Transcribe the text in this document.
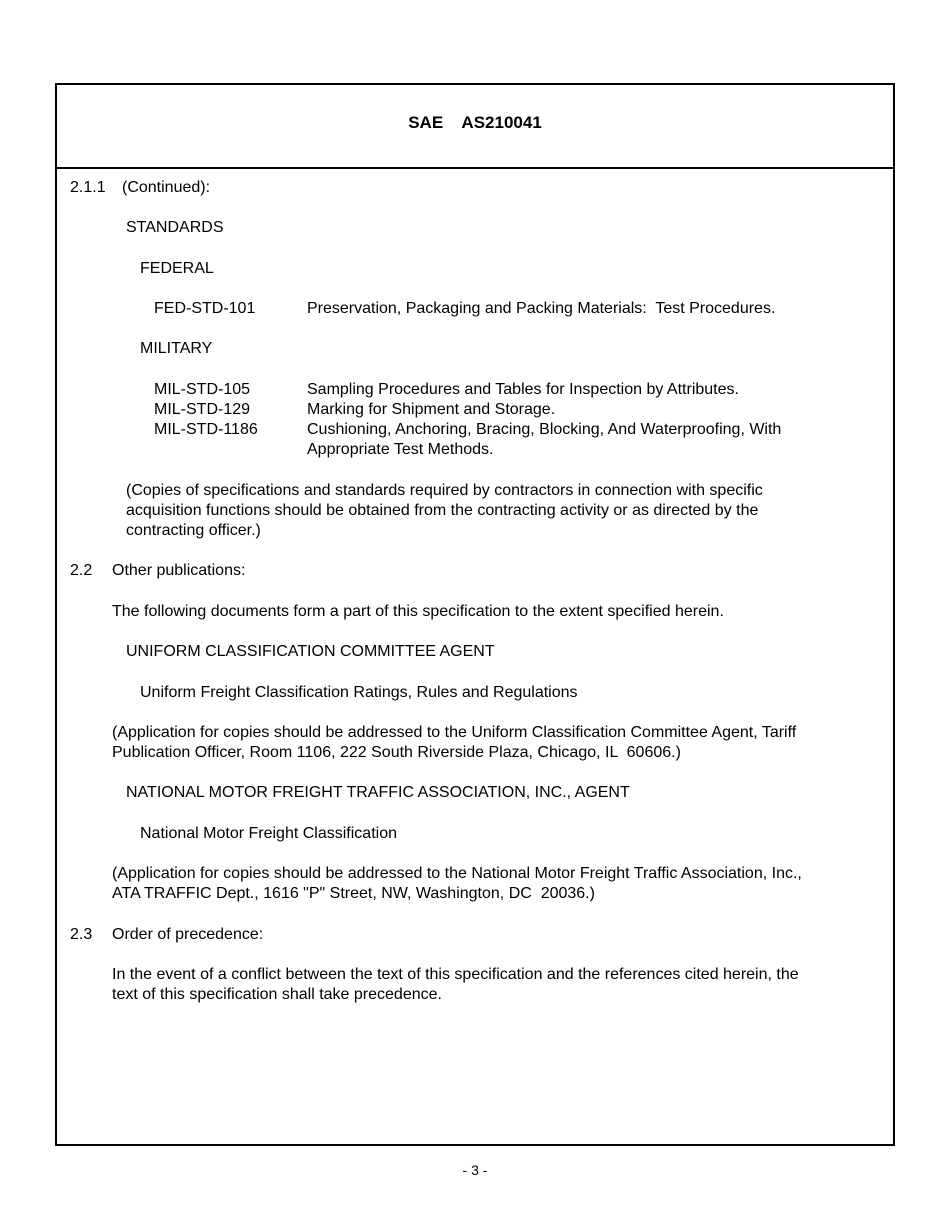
SAE    AS210041
2.1.1 (Continued):
STANDARDS
FEDERAL
FED-STD-101	Preservation, Packaging and Packing Materials:  Test Procedures.
MILITARY
MIL-STD-105	Sampling Procedures and Tables for Inspection by Attributes.
MIL-STD-129	Marking for Shipment and Storage.
MIL-STD-1186	Cushioning, Anchoring, Bracing, Blocking, And Waterproofing, With
Appropriate Test Methods.
(Copies of specifications and standards required by contractors in connection with specific
acquisition functions should be obtained from the contracting activity or as directed by the
contracting officer.)
2.2 Other publications:
The following documents form a part of this specification to the extent specified herein.
UNIFORM CLASSIFICATION COMMITTEE AGENT
Uniform Freight Classification Ratings, Rules and Regulations
(Application for copies should be addressed to the Uniform Classification Committee Agent, Tariff
Publication Officer, Room 1106, 222 South Riverside Plaza, Chicago, IL  60606.)
NATIONAL MOTOR FREIGHT TRAFFIC ASSOCIATION, INC., AGENT
National Motor Freight Classification
(Application for copies should be addressed to the National Motor Freight Traffic Association, Inc.,
ATA TRAFFIC Dept., 1616 "P" Street, NW, Washington, DC  20036.)
2.3 Order of precedence:
In the event of a conflict between the text of this specification and the references cited herein, the
text of this specification shall take precedence.
- 3 -
